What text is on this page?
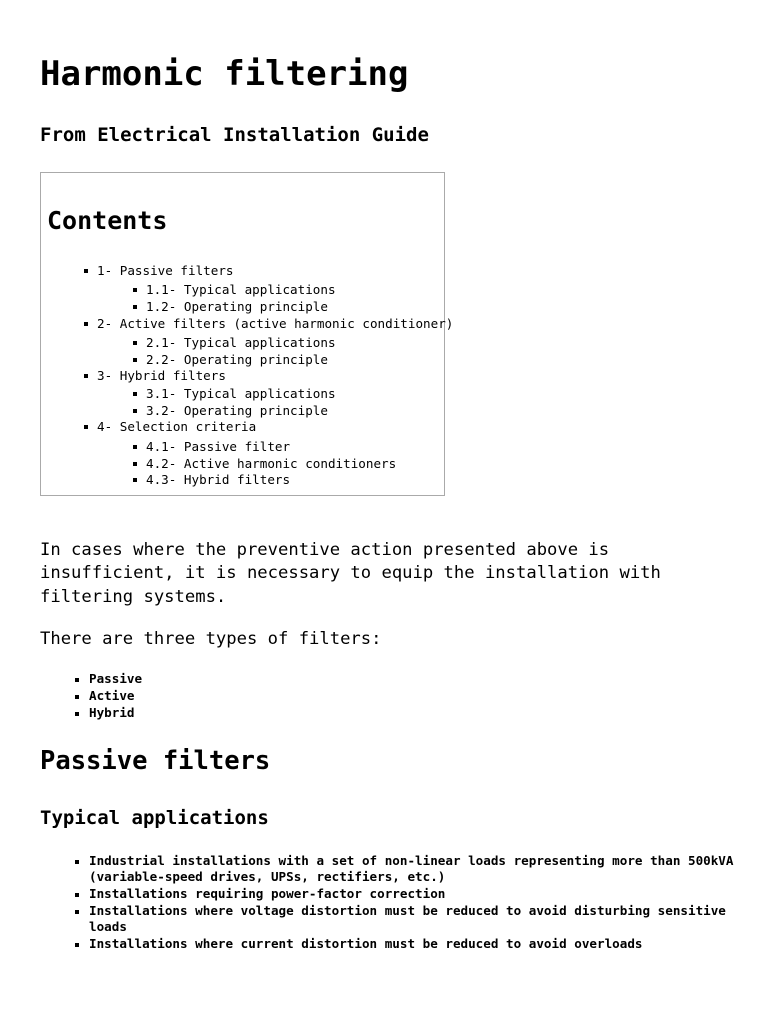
Harmonic filtering
From Electrical Installation Guide
Contents
1- Passive filters
1.1- Typical applications
1.2- Operating principle
2- Active filters (active harmonic conditioner)
2.1- Typical applications
2.2- Operating principle
3- Hybrid filters
3.1- Typical applications
3.2- Operating principle
4- Selection criteria
4.1- Passive filter
4.2- Active harmonic conditioners
4.3- Hybrid filters
In cases where the preventive action presented above is
insufficient, it is necessary to equip the installation with
filtering systems.
There are three types of filters:
Passive
Active
Hybrid
Passive filters
Typical applications
Industrial installations with a set of non-linear loads representing more than 500kVA
(variable-speed drives, UPSs, rectifiers, etc.)
Installations requiring power-factor correction
Installations where voltage distortion must be reduced to avoid disturbing sensitive
loads
Installations where current distortion must be reduced to avoid overloads
